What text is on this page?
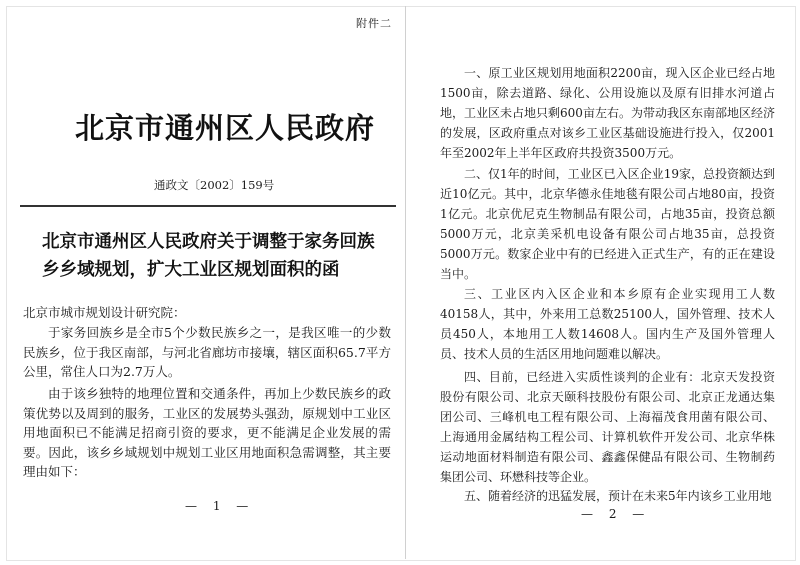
附件二
北京市通州区人民政府
通政文〔2002〕159号
北京市通州区人民政府关于调整于家务回族乡乡域规划，扩大工业区规划面积的函
北京市城市规划设计研究院：
于家务回族乡是全市5个少数民族乡之一，是我区唯一的少数民族乡，位于我区南部，与河北省廊坊市接壤，辖区面积65.7平方公里，常住人口为2.7万人。
由于该乡独特的地理位置和交通条件，再加上少数民族乡的政策优势以及周到的服务，工业区的发展势头强劲，原规划中工业区用地面积已不能满足招商引资的要求，更不能满足企业发展的需要。因此，该乡乡域规划中规划工业区用地面积急需调整，其主要理由如下：
— 1 —
一、原工业区规划用地面积2200亩，现入区企业已经占地1500亩，除去道路、绿化、公用设施以及原有旧排水河道占地，工业区未占地只剩600亩左右。为带动我区东南部地区经济的发展，区政府重点对该乡工业区基础设施进行投入，仅2001年至2002年上半年区政府共投资3500万元。
二、仅1年的时间，工业区已入区企业19家，总投资额达到近10亿元。其中，北京华德永佳地毯有限公司占地80亩，投资1亿元。北京优尼克生物制品有限公司，占地35亩，投资总额5000万元，北京美采机电设备有限公司占地35亩，总投资5000万元。数家企业中有的已经进入正式生产，有的正在建设当中。
三、工业区内入区企业和本乡原有企业实现用工人数40158人，其中，外来用工总数25100人，国外管理、技术人员450人，本地用工人数14608人。国内生产及国外管理人员、技术人员的生活区用地问题难以解决。
四、目前，已经进入实质性谈判的企业有：北京天发投资股份有限公司、北京天颐科技股份有限公司、北京正龙通达集团公司、三峰机电工程有限公司、上海福茂食用菌有限公司、上海通用金属结构工程公司、计算机软件开发公司、北京华株运动地面材料制造有限公司、鑫鑫保健品有限公司、生物制药集团公司、环懋科技等企业。
五、随着经济的迅猛发展，预计在未来5年内该乡工业用地
— 2 —
